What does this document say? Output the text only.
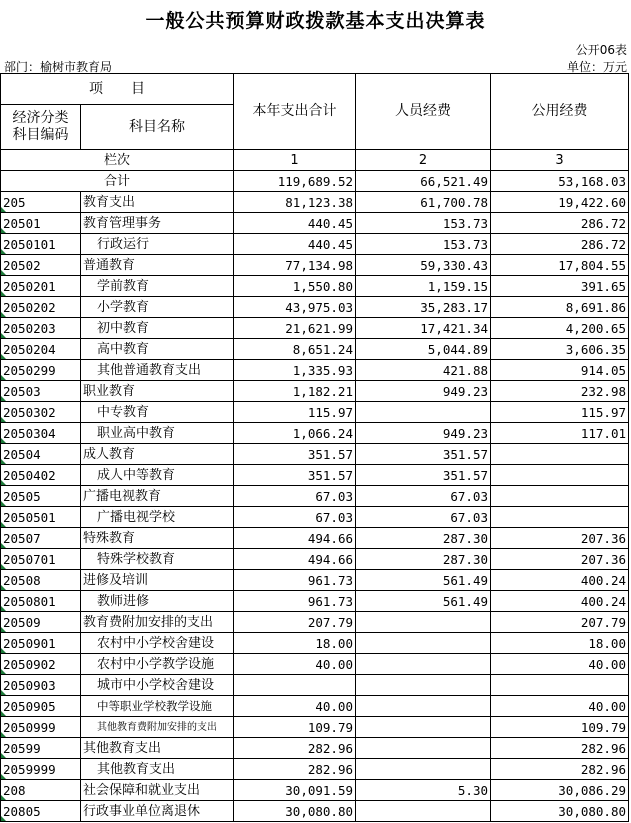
一般公共预算财政拨款基本支出决算表
公开06表
部门：榆树市教育局	单位：万元
项　　目		本年支出合计	人员经费	公用经费
经济分类
科目编码	科目名称			
栏次		1	2	3
合计		119,689.52	66,521.49	53,168.03
205	教育支出	81,123.38	61,700.78	19,422.60
20501	教育管理事务	440.45	153.73	286.72
2050101	行政运行	440.45	153.73	286.72
20502	普通教育	77,134.98	59,330.43	17,804.55
2050201	学前教育	1,550.80	1,159.15	391.65
2050202	小学教育	43,975.03	35,283.17	8,691.86
2050203	初中教育	21,621.99	17,421.34	4,200.65
2050204	高中教育	8,651.24	5,044.89	3,606.35
2050299	其他普通教育支出	1,335.93	421.88	914.05
20503	职业教育	1,182.21	949.23	232.98
2050302	中专教育	115.97		115.97
2050304	职业高中教育	1,066.24	949.23	117.01
20504	成人教育	351.57	351.57	
2050402	成人中等教育	351.57	351.57	
20505	广播电视教育	67.03	67.03	
2050501	广播电视学校	67.03	67.03	
20507	特殊教育	494.66	287.30	207.36
2050701	特殊学校教育	494.66	287.30	207.36
20508	进修及培训	961.73	561.49	400.24
2050801	教师进修	961.73	561.49	400.24
20509	教育费附加安排的支出	207.79		207.79
2050901	农村中小学校舍建设	18.00		18.00
2050902	农村中小学教学设施	40.00		40.00
2050903	城市中小学校舍建设			
2050905	中等职业学校教学设施	40.00		40.00
2050999	其他教育费附加安排的支出	109.79		109.79
20599	其他教育支出	282.96		282.96
2059999	其他教育支出	282.96		282.96
208	社会保障和就业支出	30,091.59	5.30	30,086.29
20805	行政事业单位离退休	30,080.80		30,080.80
